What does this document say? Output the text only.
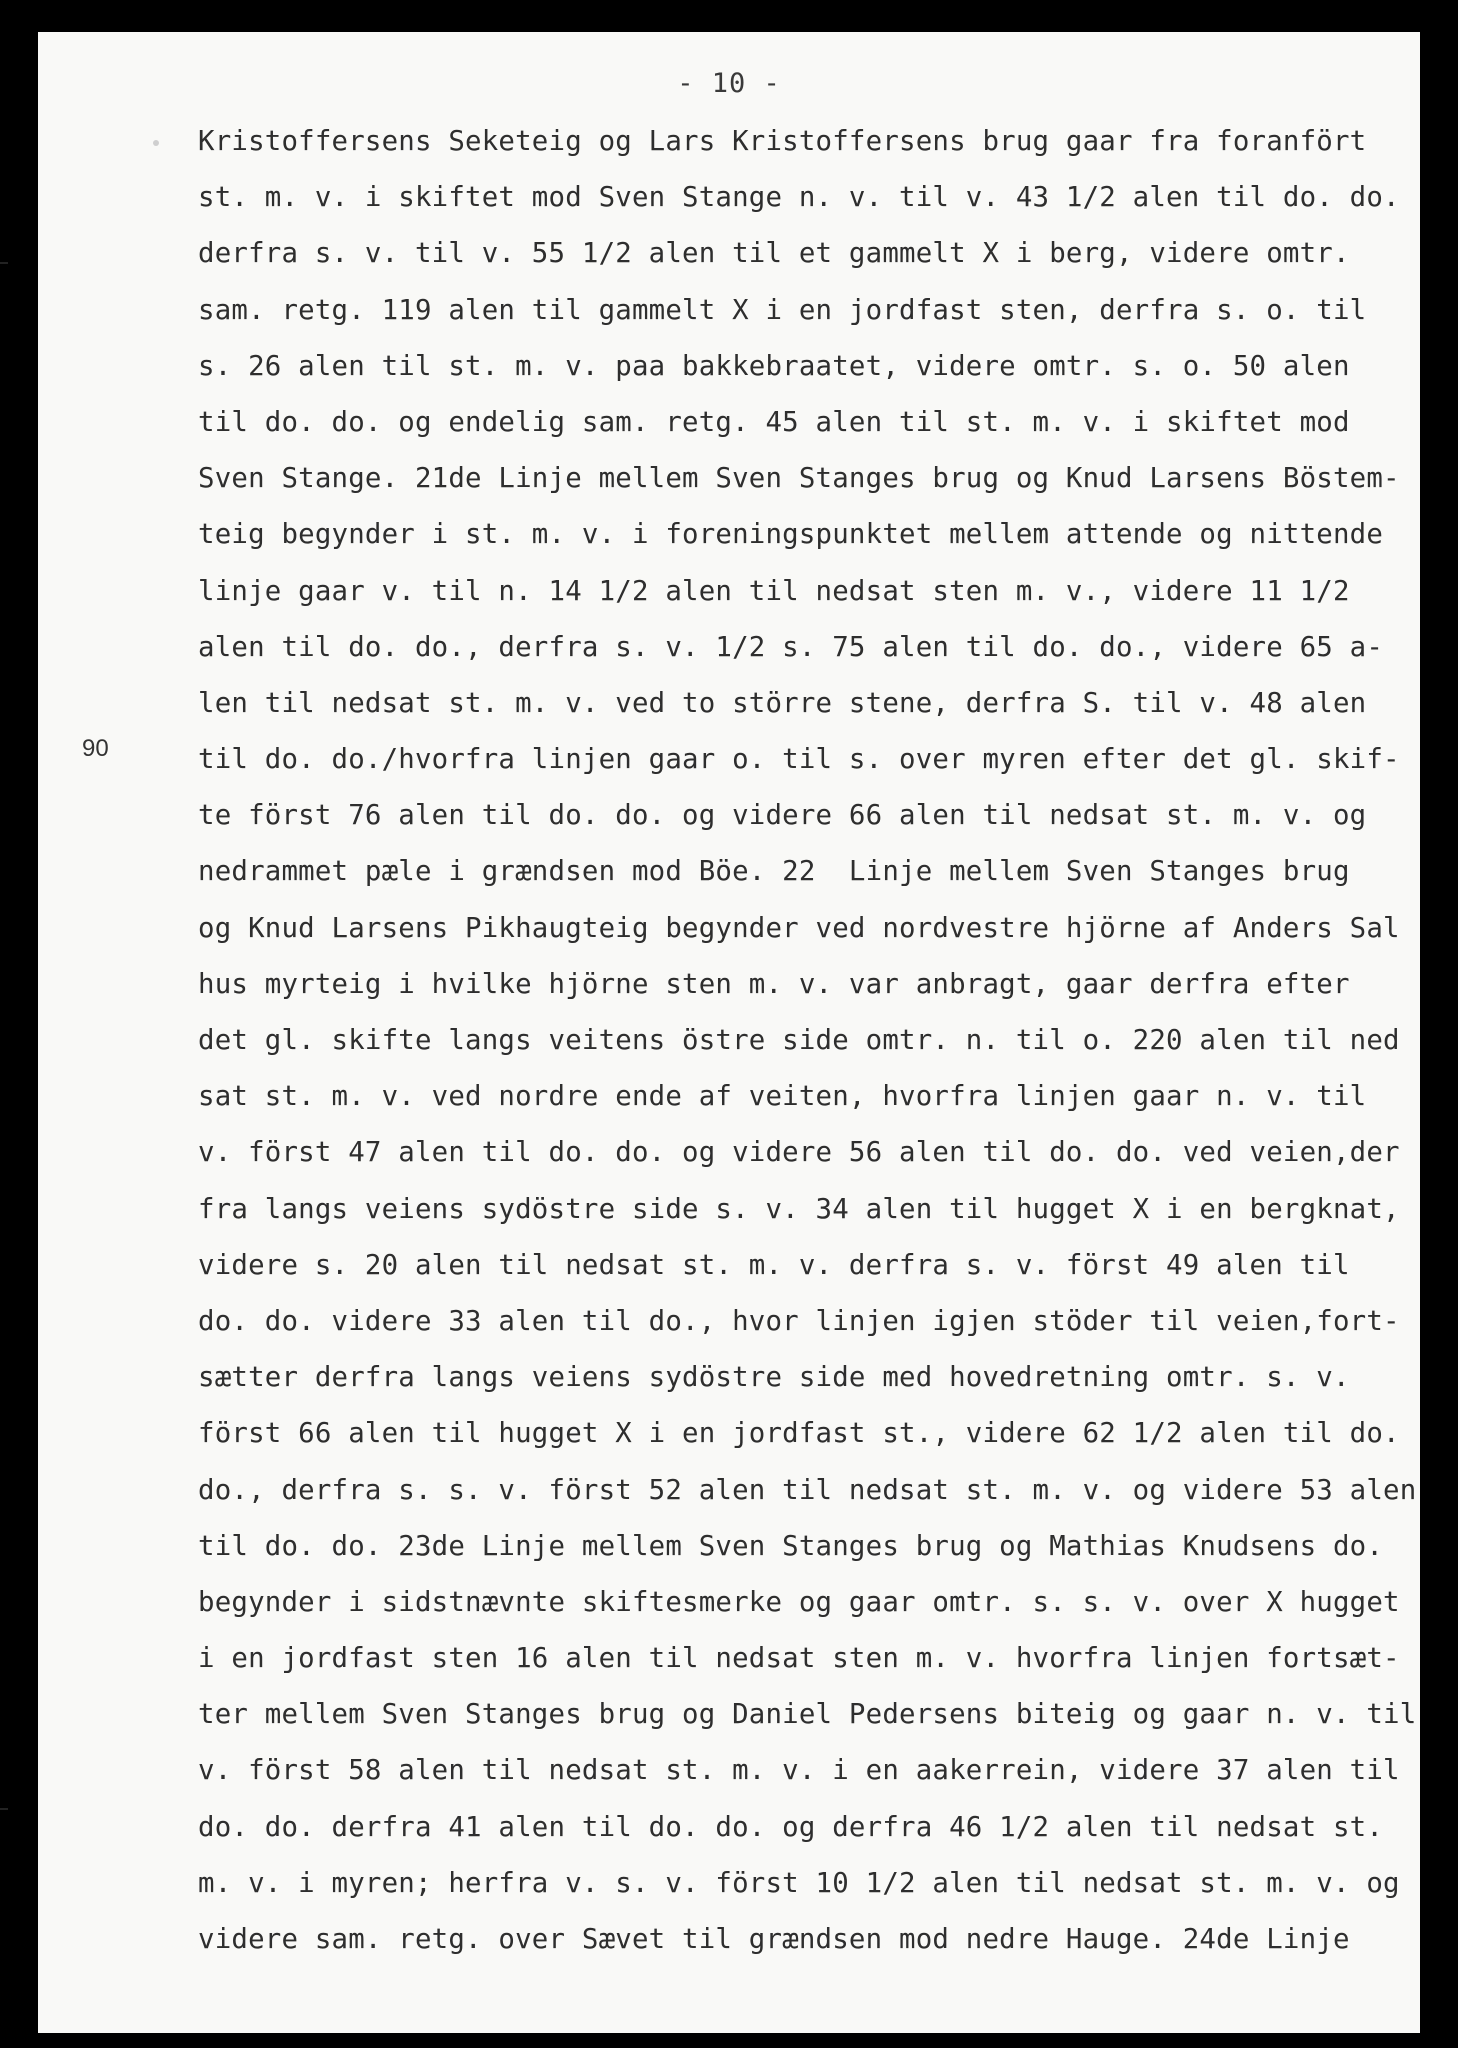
- 10 -
90
Kristoffersens Seketeig og Lars Kristoffersens brug gaar fra foranfört
st. m. v. i skiftet mod Sven Stange n. v. til v. 43 1/2 alen til do. do.
derfra s. v. til v. 55 1/2 alen til et gammelt X i berg, videre omtr.
sam. retg. 119 alen til gammelt X i en jordfast sten, derfra s. o. til
s. 26 alen til st. m. v. paa bakkebraatet, videre omtr. s. o. 50 alen
til do. do. og endelig sam. retg. 45 alen til st. m. v. i skiftet mod
Sven Stange. 21de Linje mellem Sven Stanges brug og Knud Larsens Böstem-
teig begynder i st. m. v. i foreningspunktet mellem attende og nittende
linje gaar v. til n. 14 1/2 alen til nedsat sten m. v., videre 11 1/2
alen til do. do., derfra s. v. 1/2 s. 75 alen til do. do., videre 65 a-
len til nedsat st. m. v. ved to större stene, derfra S. til v. 48 alen
til do. do./hvorfra linjen gaar o. til s. over myren efter det gl. skif-
te först 76 alen til do. do. og videre 66 alen til nedsat st. m. v. og
nedrammet pæle i grændsen mod Böe. 22  Linje mellem Sven Stanges brug
og Knud Larsens Pikhaugteig begynder ved nordvestre hjörne af Anders Sal
hus myrteig i hvilke hjörne sten m. v. var anbragt, gaar derfra efter
det gl. skifte langs veitens östre side omtr. n. til o. 220 alen til ned
sat st. m. v. ved nordre ende af veiten, hvorfra linjen gaar n. v. til
v. först 47 alen til do. do. og videre 56 alen til do. do. ved veien,der
fra langs veiens sydöstre side s. v. 34 alen til hugget X i en bergknat,
videre s. 20 alen til nedsat st. m. v. derfra s. v. först 49 alen til
do. do. videre 33 alen til do., hvor linjen igjen stöder til veien,fort-
sætter derfra langs veiens sydöstre side med hovedretning omtr. s. v.
först 66 alen til hugget X i en jordfast st., videre 62 1/2 alen til do.
do., derfra s. s. v. först 52 alen til nedsat st. m. v. og videre 53 alen
til do. do. 23de Linje mellem Sven Stanges brug og Mathias Knudsens do.
begynder i sidstnævnte skiftesmerke og gaar omtr. s. s. v. over X hugget
i en jordfast sten 16 alen til nedsat sten m. v. hvorfra linjen fortsæt-
ter mellem Sven Stanges brug og Daniel Pedersens biteig og gaar n. v. til
v. först 58 alen til nedsat st. m. v. i en aakerrein, videre 37 alen til
do. do. derfra 41 alen til do. do. og derfra 46 1/2 alen til nedsat st.
m. v. i myren; herfra v. s. v. först 10 1/2 alen til nedsat st. m. v. og
videre sam. retg. over Sævet til grændsen mod nedre Hauge. 24de Linje
